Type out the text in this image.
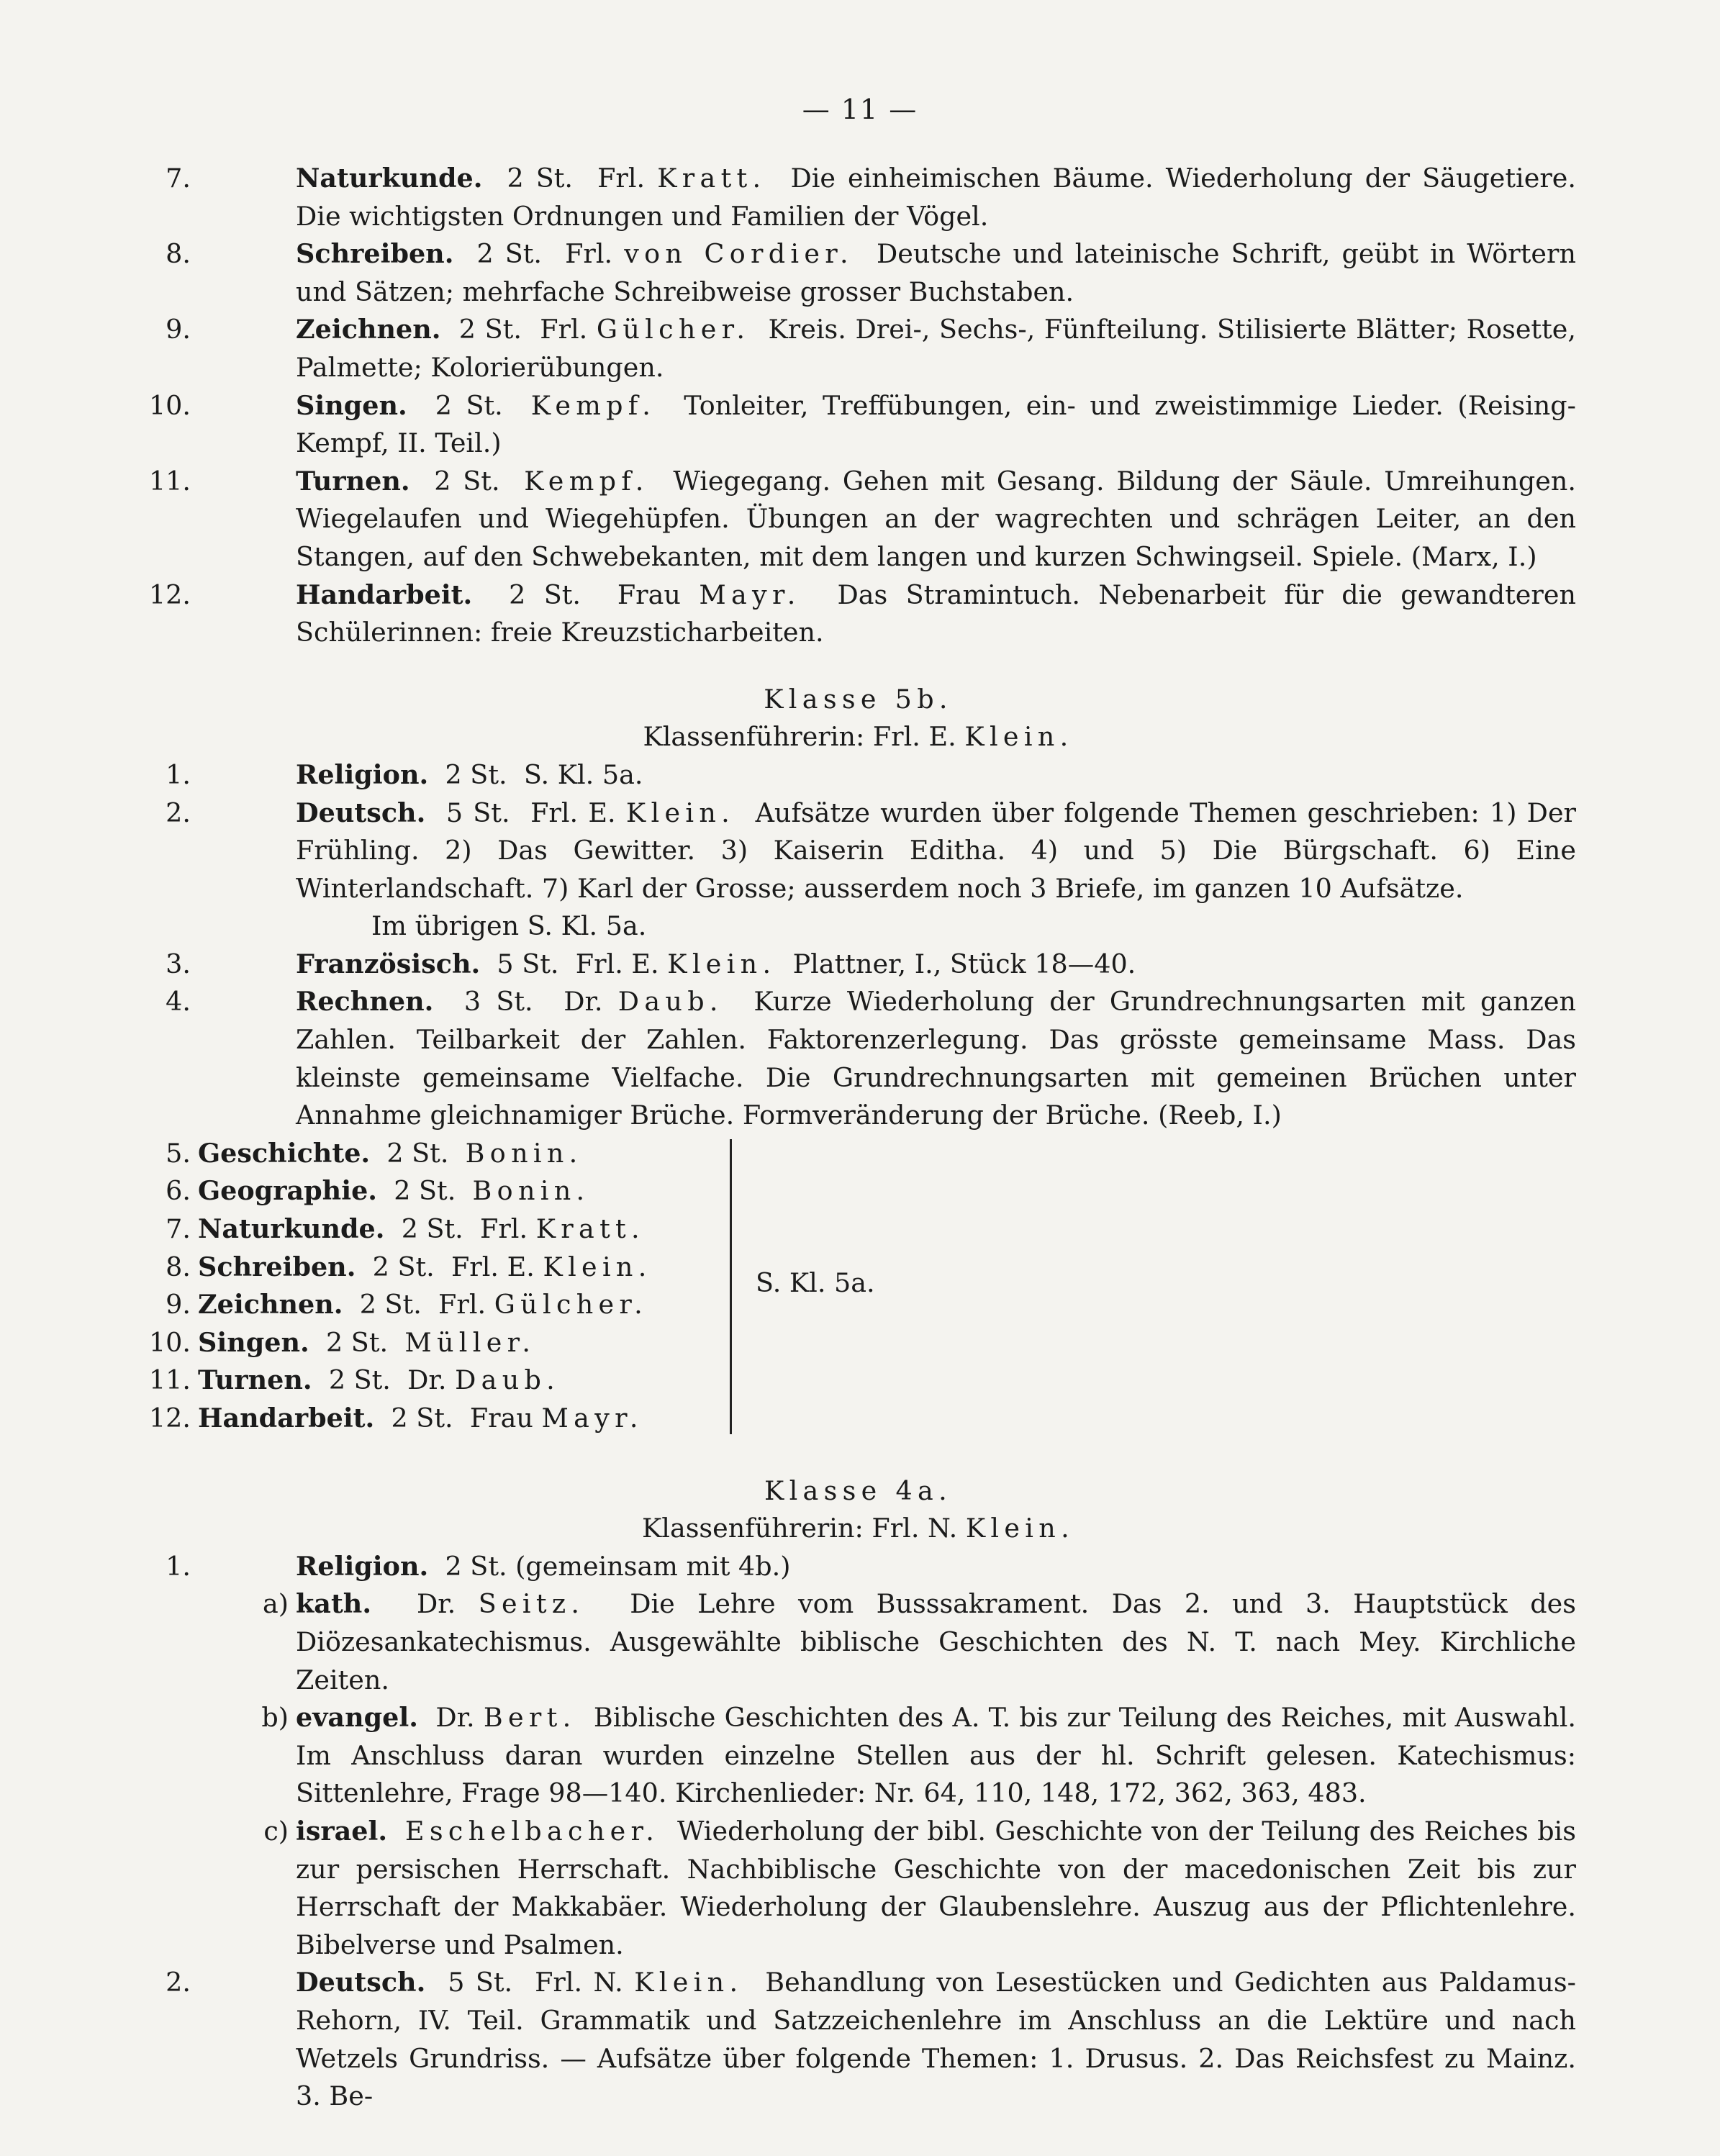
— 11 —
7.	Naturkunde. 2 St. Frl. Kratt. Die einheimischen Bäume. Wiederholung der Säugetiere. Die wichtigsten Ordnungen und Familien der Vögel.
8.	Schreiben. 2 St. Frl. von Cordier. Deutsche und lateinische Schrift, geübt in Wörtern und Sätzen; mehrfache Schreibweise grosser Buchstaben.
9.	Zeichnen. 2 St. Frl. Gülcher. Kreis. Drei-, Sechs-, Fünfteilung. Stilisierte Blätter; Rosette, Palmette; Kolorierübungen.
10.	Singen. 2 St. Kempf. Tonleiter, Treffübungen, ein- und zweistimmige Lieder. (Reising-Kempf, II. Teil.)
11.	Turnen. 2 St. Kempf. Wiegegang. Gehen mit Gesang. Bildung der Säule. Umreihungen. Wiegelaufen und Wiegehüpfen. Übungen an der wagrechten und schrägen Leiter, an den Stangen, auf den Schwebekanten, mit dem langen und kurzen Schwingseil. Spiele. (Marx, I.)
12.	Handarbeit. 2 St. Frau Mayr. Das Stramintuch. Nebenarbeit für die gewandteren Schülerinnen: freie Kreuzsticharbeiten.
Klasse 5b.
Klassenführerin: Frl. E. Klein.
1.	Religion. 2 St. S. Kl. 5a.
2.	Deutsch. 5 St. Frl. E. Klein. Aufsätze wurden über folgende Themen geschrieben: 1) Der Frühling. 2) Das Gewitter. 3) Kaiserin Editha. 4) und 5) Die Bürgschaft. 6) Eine Winterlandschaft. 7) Karl der Grosse; ausserdem noch 3 Briefe, im ganzen 10 Aufsätze.
Im übrigen S. Kl. 5a.
3.	Französisch. 5 St. Frl. E. Klein. Plattner, I., Stück 18—40.
4.	Rechnen. 3 St. Dr. Daub. Kurze Wiederholung der Grundrechnungsarten mit ganzen Zahlen. Teilbarkeit der Zahlen. Faktorenzerlegung. Das grösste gemeinsame Mass. Das kleinste gemeinsame Vielfache. Die Grundrechnungsarten mit gemeinen Brüchen unter Annahme gleichnamiger Brüche. Formveränderung der Brüche. (Reeb, I.)
5. Geschichte. 2 St. Bonin.
6. Geographie. 2 St. Bonin.
7. Naturkunde. 2 St. Frl. Kratt.
8. Schreiben. 2 St. Frl. E. Klein.
9. Zeichnen. 2 St. Frl. Gülcher.
10. Singen. 2 St. Müller.
11. Turnen. 2 St. Dr. Daub.
12. Handarbeit. 2 St. Frau Mayr.
S. Kl. 5a.
Klasse 4a.
Klassenführerin: Frl. N. Klein.
1.	Religion. 2 St. (gemeinsam mit 4b.)
a) kath. Dr. Seitz. Die Lehre vom Busssakrament. Das 2. und 3. Hauptstück des Diözesankatechismus. Ausgewählte biblische Geschichten des N. T. nach Mey. Kirchliche Zeiten.
b) evangel. Dr. Bert. Biblische Geschichten des A. T. bis zur Teilung des Reiches, mit Auswahl. Im Anschluss daran wurden einzelne Stellen aus der hl. Schrift gelesen. Katechismus: Sittenlehre, Frage 98—140. Kirchenlieder: Nr. 64, 110, 148, 172, 362, 363, 483.
c) israel. Eschelbacher. Wiederholung der bibl. Geschichte von der Teilung des Reiches bis zur persischen Herrschaft. Nachbiblische Geschichte von der macedonischen Zeit bis zur Herrschaft der Makkabäer. Wiederholung der Glaubenslehre. Auszug aus der Pflichtenlehre. Bibelverse und Psalmen.
2.	Deutsch. 5 St. Frl. N. Klein. Behandlung von Lesestücken und Gedichten aus Paldamus-Rehorn, IV. Teil. Grammatik und Satzzeichenlehre im Anschluss an die Lektüre und nach Wetzels Grundriss. — Aufsätze über folgende Themen: 1. Drusus. 2. Das Reichsfest zu Mainz. 3. Be-
